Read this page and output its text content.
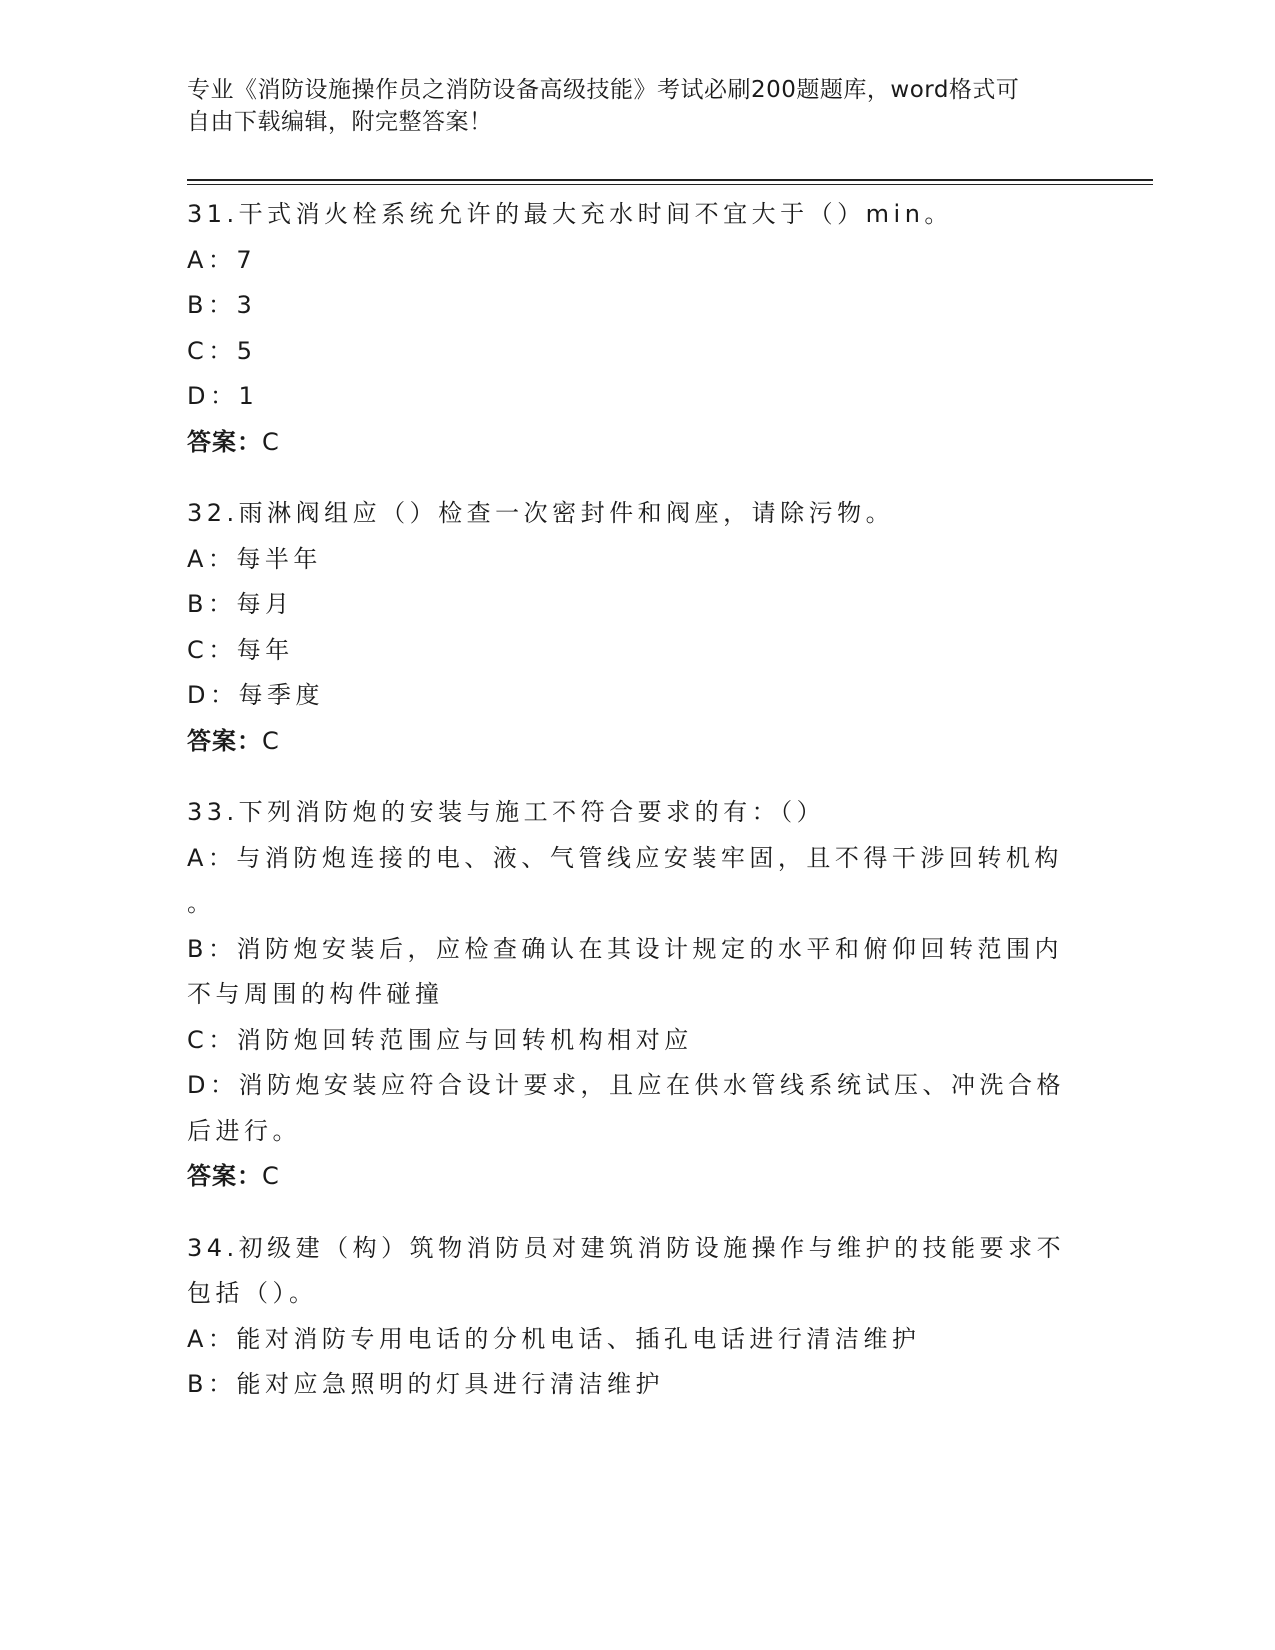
专业《消防设施操作员之消防设备高级技能》考试必刷200题题库，word格式可
自由下载编辑，附完整答案！
31.干式消火栓系统允许的最大充水时间不宜大于（）min。
A：7
B：3
C：5
D：1
答案：C
32.雨淋阀组应（）检查一次密封件和阀座，请除污物。
A：每半年
B：每月
C：每年
D：每季度
答案：C
33.下列消防炮的安装与施工不符合要求的有：（）
A：与消防炮连接的电、液、气管线应安装牢固，且不得干涉回转机构
。
B：消防炮安装后，应检查确认在其设计规定的水平和俯仰回转范围内
不与周围的构件碰撞
C：消防炮回转范围应与回转机构相对应
D：消防炮安装应符合设计要求，且应在供水管线系统试压、冲洗合格
后进行。
答案：C
34.初级建（构）筑物消防员对建筑消防设施操作与维护的技能要求不
包括（）。
A：能对消防专用电话的分机电话、插孔电话进行清洁维护
B：能对应急照明的灯具进行清洁维护
